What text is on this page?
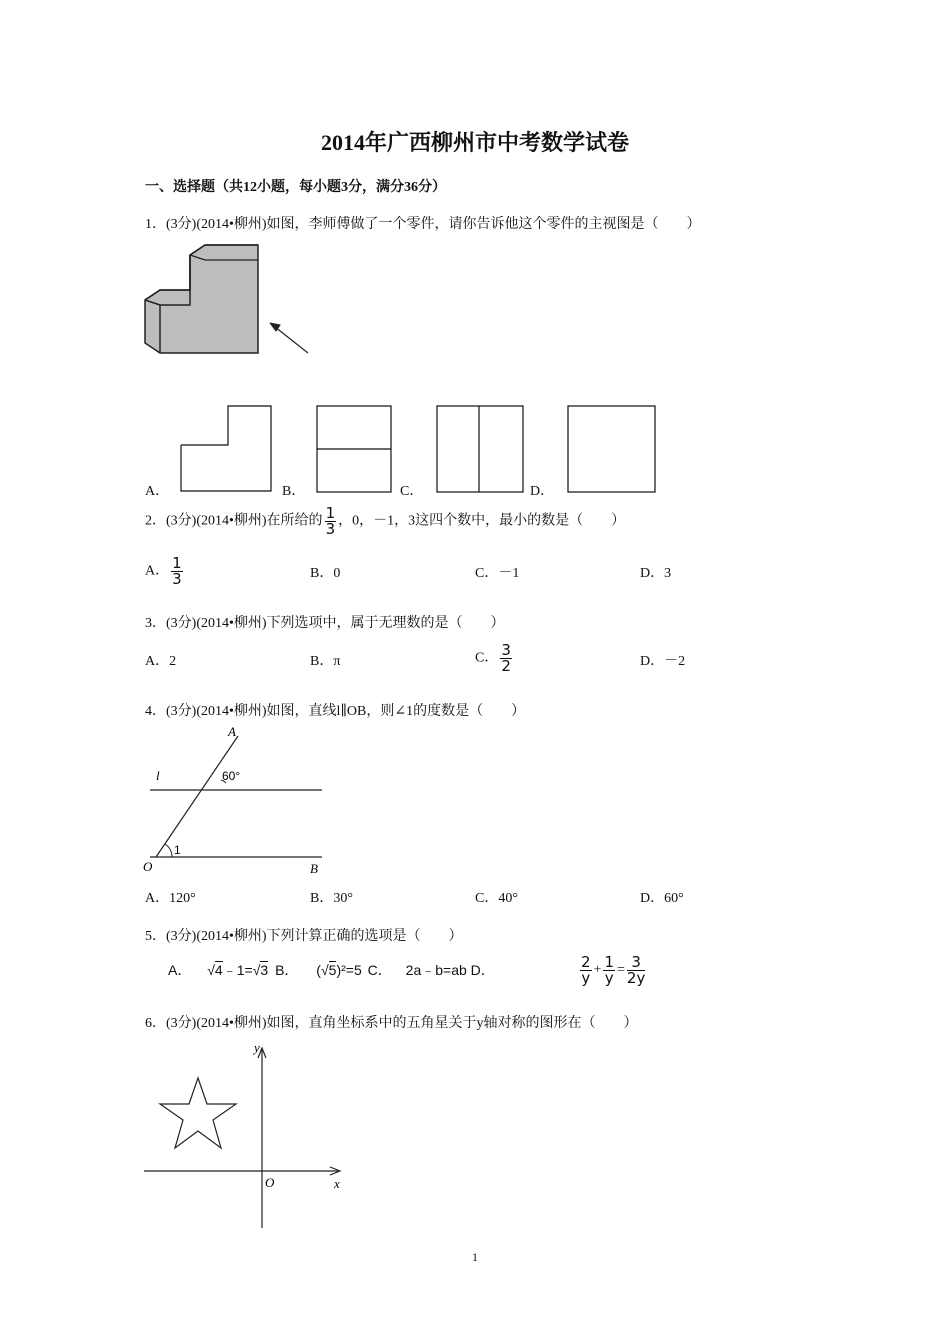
2014年广西柳州市中考数学试卷
一、选择题（共12小题，每小题3分，满分36分）
1．(3分)(2014•柳州)如图，李师傅做了一个零件，请你告诉他这个零件的主视图是（　　）
A．	B．	C．	D．
2．(3分)(2014•柳州)在所给的 $\frac{1}{3}$ ，0，－1，3这四个数中，最小的数是（　　）
A． $\frac{1}{3}$	B．0	C．－1	D．3
3．(3分)(2014•柳州)下列选项中，属于无理数的是（　　）
A．2	B．π	C． $\frac{3}{2}$	D．－2
4．(3分)(2014•柳州)如图，直线l∥OB，则∠1的度数是（　　）
A
l	60°
O
1
B
A．120°	B．30°	C．40°	D．60°
5．(3分)(2014•柳州)下列计算正确的选项是（　　）
A． √4﹣1=√3 B． (√5)²=5 C． 2a﹣b=ab D．	$\frac{2}{y} + \frac{1}{y} = \frac{3}{2y}$
6．(3分)(2014•柳州)如图，直角坐标系中的五角星关于y轴对称的图形在（　　）
y
x
O
1
